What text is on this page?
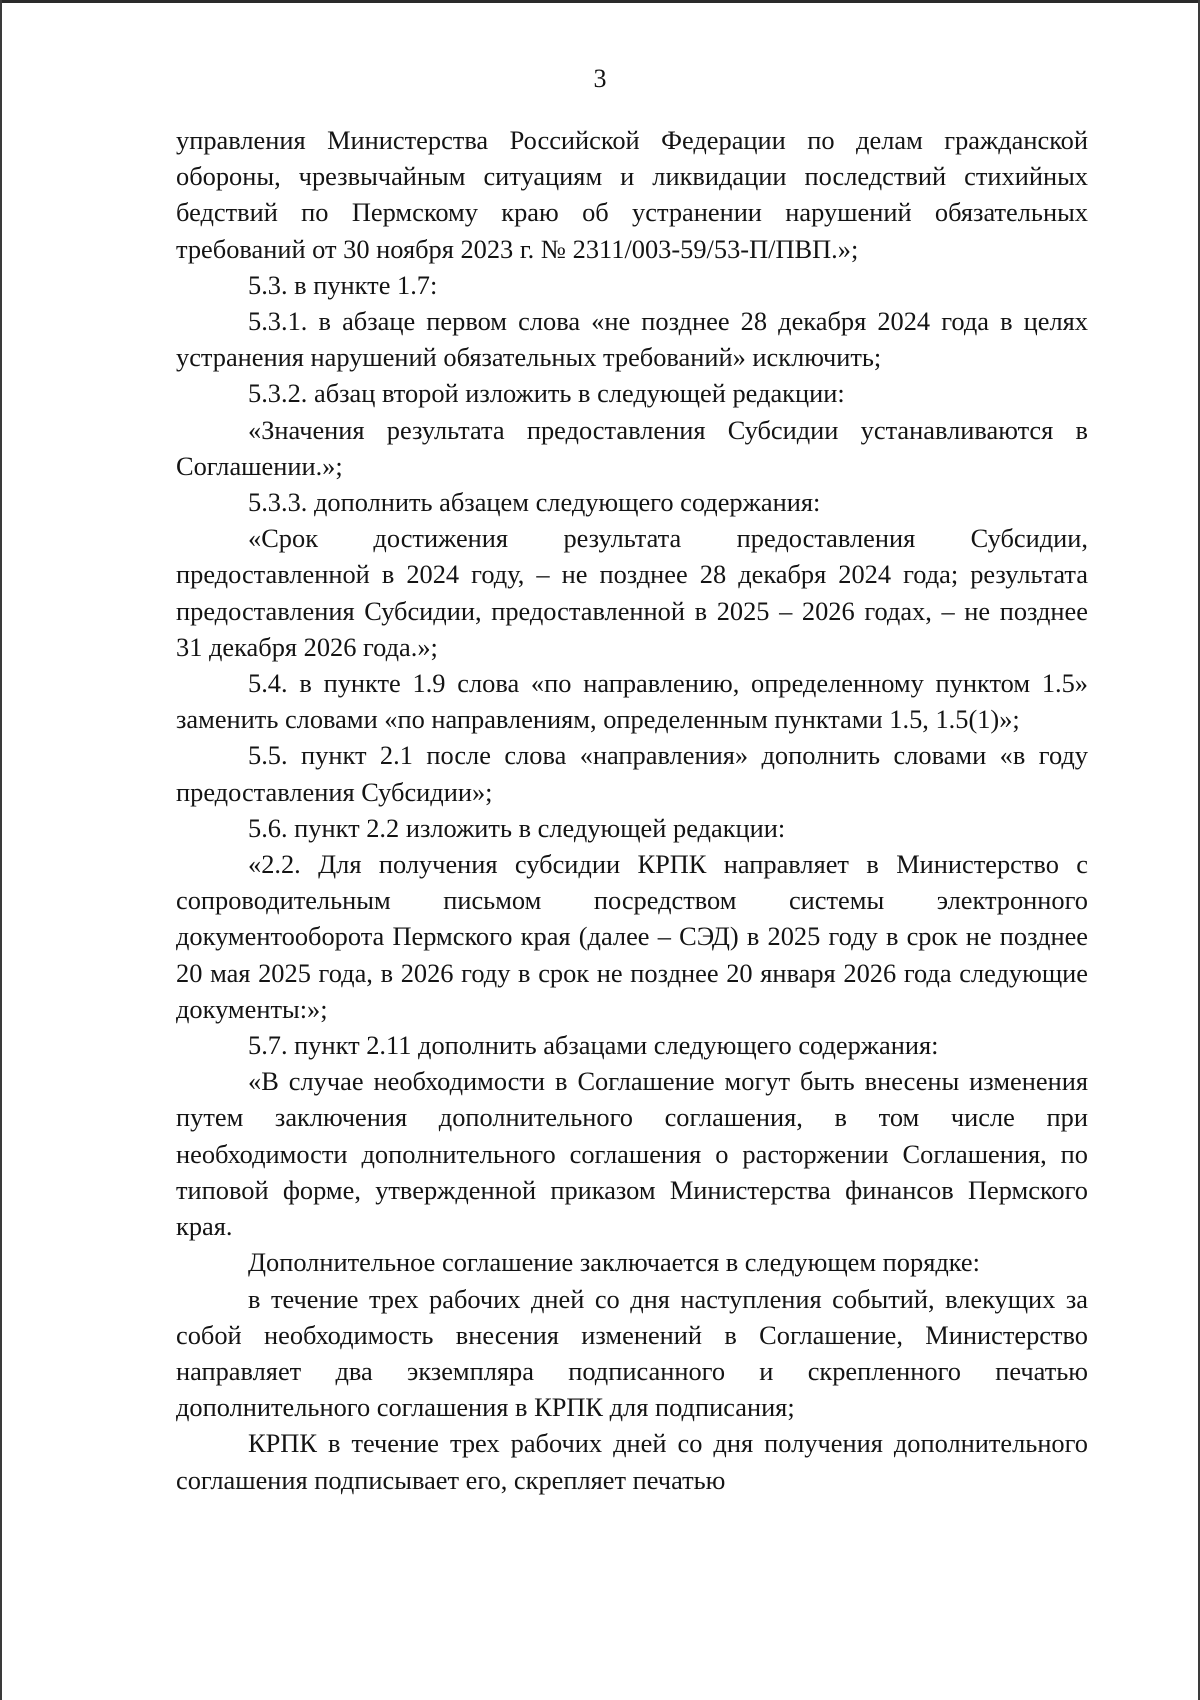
3

управления Министерства Российской Федерации по делам гражданской обороны, чрезвычайным ситуациям и ликвидации последствий стихийных бедствий по Пермскому краю об устранении нарушений обязательных требований от 30 ноября 2023 г. № 2311/003-59/53-П/ПВП.»;

5.3. в пункте 1.7:

5.3.1. в абзаце первом слова «не позднее 28 декабря 2024 года в целях устранения нарушений обязательных требований» исключить;

5.3.2. абзац второй изложить в следующей редакции:

«Значения результата предоставления Субсидии устанавливаются в Соглашении.»;

5.3.3. дополнить абзацем следующего содержания:

«Срок достижения результата предоставления Субсидии, предоставленной в 2024 году, – не позднее 28 декабря 2024 года; результата предоставления Субсидии, предоставленной в 2025 – 2026 годах, – не позднее 31 декабря 2026 года.»;

5.4. в пункте 1.9 слова «по направлению, определенному пунктом 1.5» заменить словами «по направлениям, определенным пунктами 1.5, 1.5(1)»;

5.5. пункт 2.1 после слова «направления» дополнить словами «в году предоставления Субсидии»;

5.6. пункт 2.2 изложить в следующей редакции:

«2.2. Для получения субсидии КРПК направляет в Министерство с сопроводительным письмом посредством системы электронного документооборота Пермского края (далее – СЭД) в 2025 году в срок не позднее 20 мая 2025 года, в 2026 году в срок не позднее 20 января 2026 года следующие документы:»;

5.7. пункт 2.11 дополнить абзацами следующего содержания:

«В случае необходимости в Соглашение могут быть внесены изменения путем заключения дополнительного соглашения, в том числе при необходимости дополнительного соглашения о расторжении Соглашения, по типовой форме, утвержденной приказом Министерства финансов Пермского края.

Дополнительное соглашение заключается в следующем порядке:

в течение трех рабочих дней со дня наступления событий, влекущих за собой необходимость внесения изменений в Соглашение, Министерство направляет два экземпляра подписанного и скрепленного печатью дополнительного соглашения в КРПК для подписания;

КРПК в течение трех рабочих дней со дня получения дополнительного соглашения подписывает его, скрепляет печатью
